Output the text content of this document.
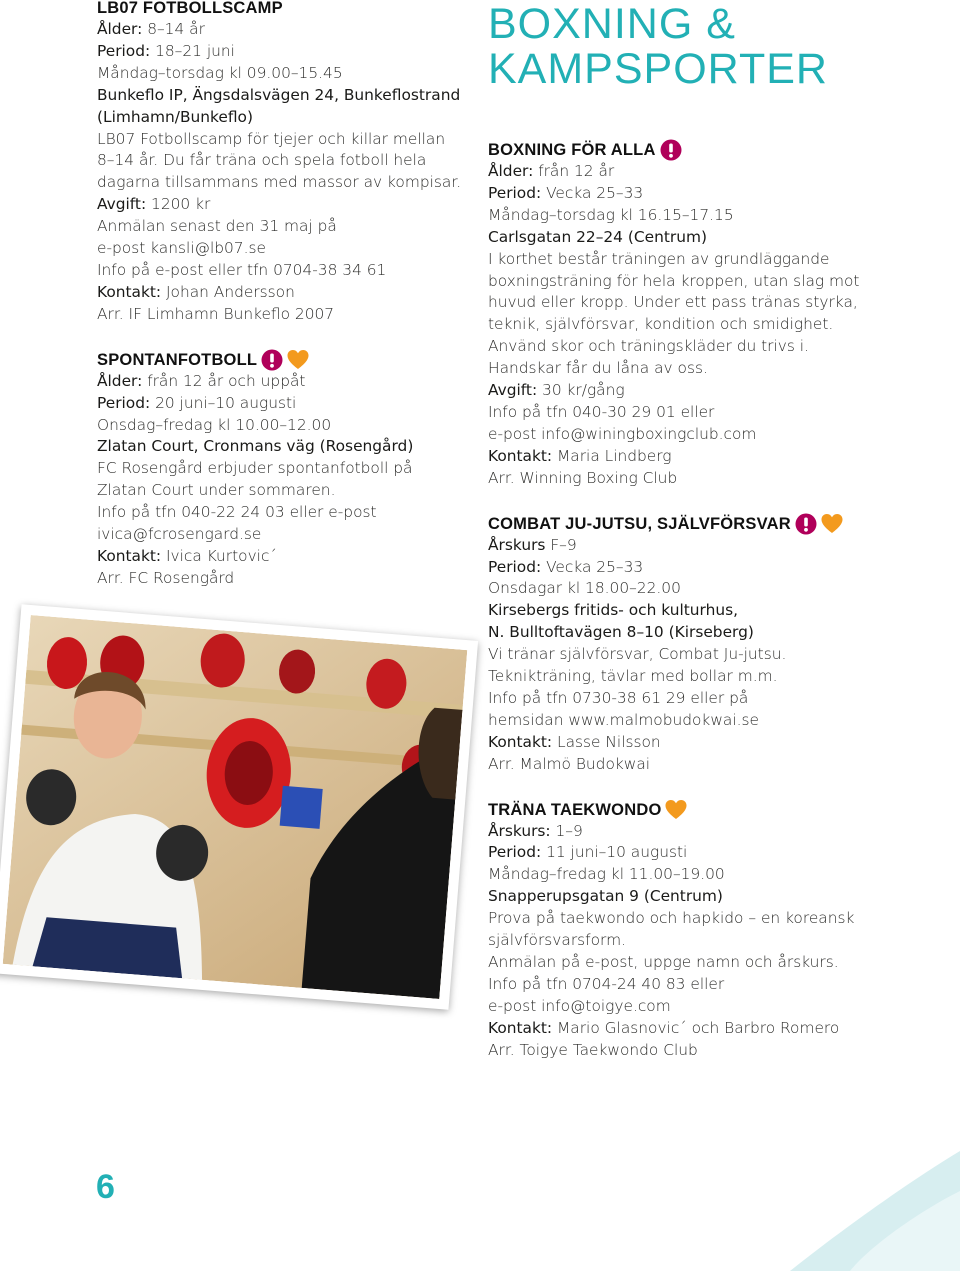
LB07 FOTBOLLSCAMP
Ålder: 8–14 år
Period: 18–21 juni
Måndag–torsdag kl 09.00–15.45
Bunkeflo IP, Ängsdalsvägen 24, Bunkeflostrand
(Limhamn/Bunkeflo)
LB07 Fotbollscamp för tjejer och killar mellan
8–14 år. Du får träna och spela fotboll hela
dagarna tillsammans med massor av kompisar.
Avgift: 1200 kr
Anmälan senast den 31 maj på
e-post kansli@lb07.se
Info på e-post eller tfn 0704-38 34 61
Kontakt: Johan Andersson
Arr. IF Limhamn Bunkeflo 2007
SPONTANFOTBOLL
Ålder: från 12 år och uppåt
Period: 20 juni–10 augusti
Onsdag–fredag kl 10.00–12.00
Zlatan Court, Cronmans väg (Rosengård)
FC Rosengård erbjuder spontanfotboll på
Zlatan Court under sommaren.
Info på tfn 040-22 24 03 eller e-post
ivica@fcrosengard.se
Kontakt: Ivica Kurtovic´
Arr. FC Rosengård
BOXNING &
KAMPSPORTER
BOXNING FÖR ALLA
Ålder: från 12 år
Period: Vecka 25–33
Måndag–torsdag kl 16.15–17.15
Carlsgatan 22–24 (Centrum)
I korthet består träningen av grundläggande
boxningsträning för hela kroppen, utan slag mot
huvud eller kropp. Under ett pass tränas styrka,
teknik, självförsvar, kondition och smidighet.
Använd skor och träningskläder du trivs i.
Handskar får du låna av oss.
Avgift: 30 kr/gång
Info på tfn 040-30 29 01 eller
e-post info@winingboxingclub.com
Kontakt: Maria Lindberg
Arr. Winning Boxing Club
COMBAT JU-JUTSU, SJÄLVFÖRSVAR
Årskurs F–9
Period: Vecka 25–33
Onsdagar kl 18.00–22.00
Kirsebergs fritids- och kulturhus,
N. Bulltoftavägen 8–10 (Kirseberg)
Vi tränar självförsvar, Combat Ju-jutsu.
Teknikträning, tävlar med bollar m.m.
Info på tfn 0730-38 61 29 eller på
hemsidan www.malmobudokwai.se
Kontakt: Lasse Nilsson
Arr. Malmö Budokwai
TRÄNA TAEKWONDO
Årskurs: 1–9
Period: 11 juni–10 augusti
Måndag–fredag kl 11.00–19.00
Snapperupsgatan 9 (Centrum)
Prova på taekwondo och hapkido – en koreansk
självförsvarsform.
Anmälan på e-post, uppge namn och årskurs.
Info på tfn 0704-24 40 83 eller
e-post info@toigye.com
Kontakt: Mario Glasnovic´ och Barbro Romero
Arr. Toigye Taekwondo Club
6
